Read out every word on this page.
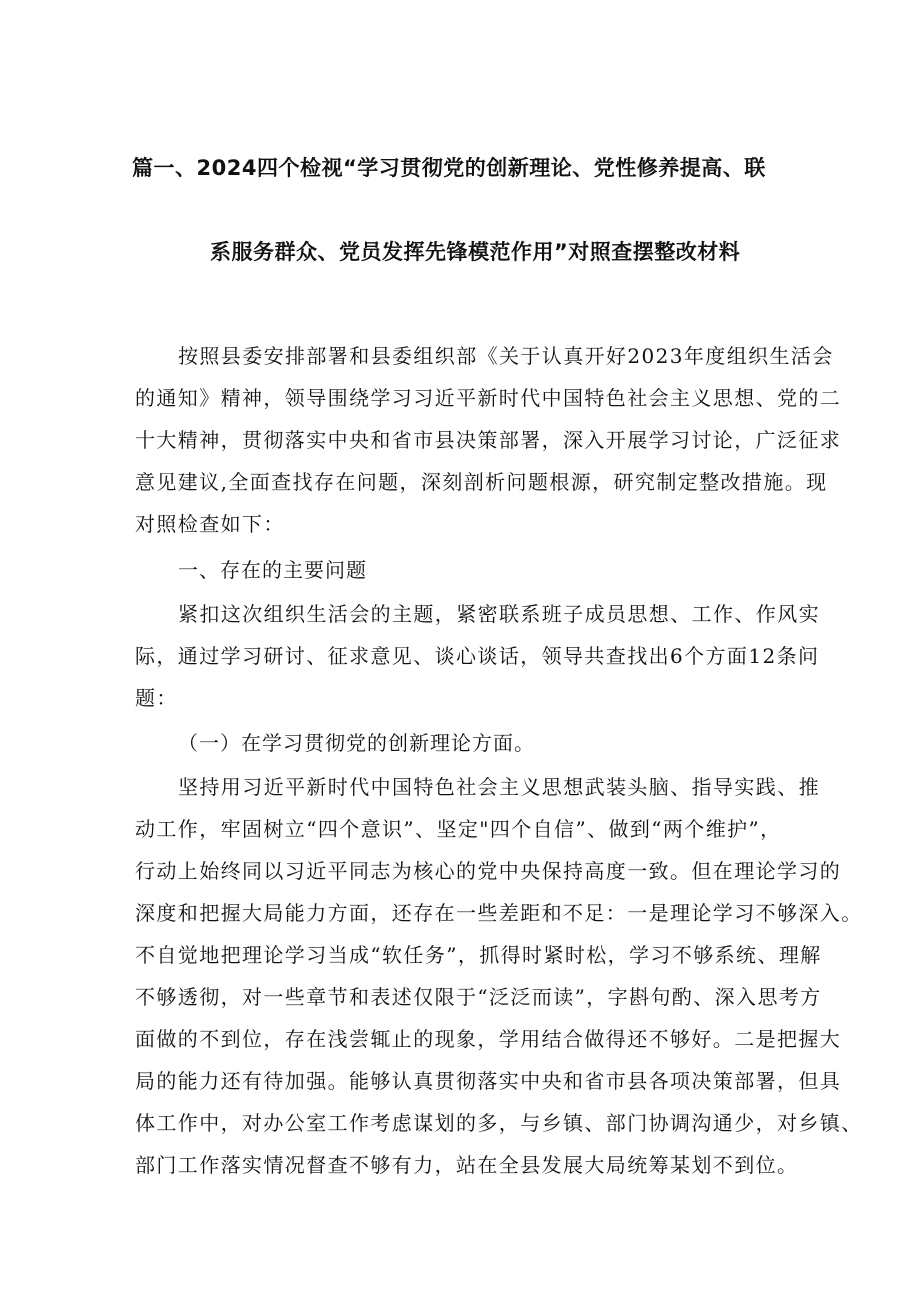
篇一、2024四个检视“学习贯彻党的创新理论、党性修养提高、联
系服务群众、党员发挥先锋模范作用”对照查摆整改材料
按照县委安排部署和县委组织部《关于认真开好2023年度组织生活会
的通知》精神，领导围绕学习习近平新时代中国特色社会主义思想、党的二
十大精神，贯彻落实中央和省市县决策部署，深入开展学习讨论，广泛征求
意见建议,全面查找存在问题，深刻剖析问题根源，研究制定整改措施。现
对照检查如下：
一、存在的主要问题
紧扣这次组织生活会的主题，紧密联系班子成员思想、工作、作风实
际，通过学习研讨、征求意见、谈心谈话，领导共查找出6个方面12条问
题：
（一）在学习贯彻党的创新理论方面。
坚持用习近平新时代中国特色社会主义思想武装头脑、指导实践、推
动工作，牢固树立“四个意识”、坚定"四个自信”、做到“两个维护”，
行动上始终同以习近平同志为核心的党中央保持高度一致。但在理论学习的
深度和把握大局能力方面，还存在一些差距和不足：一是理论学习不够深入。
不自觉地把理论学习当成“软任务”，抓得时紧时松，学习不够系统、理解
不够透彻，对一些章节和表述仅限于“泛泛而读”，字斟句酌、深入思考方
面做的不到位，存在浅尝辄止的现象，学用结合做得还不够好。二是把握大
局的能力还有待加强。能够认真贯彻落实中央和省市县各项决策部署，但具
体工作中，对办公室工作考虑谋划的多，与乡镇、部门协调沟通少，对乡镇、
部门工作落实情况督查不够有力，站在全县发展大局统筹某划不到位。
